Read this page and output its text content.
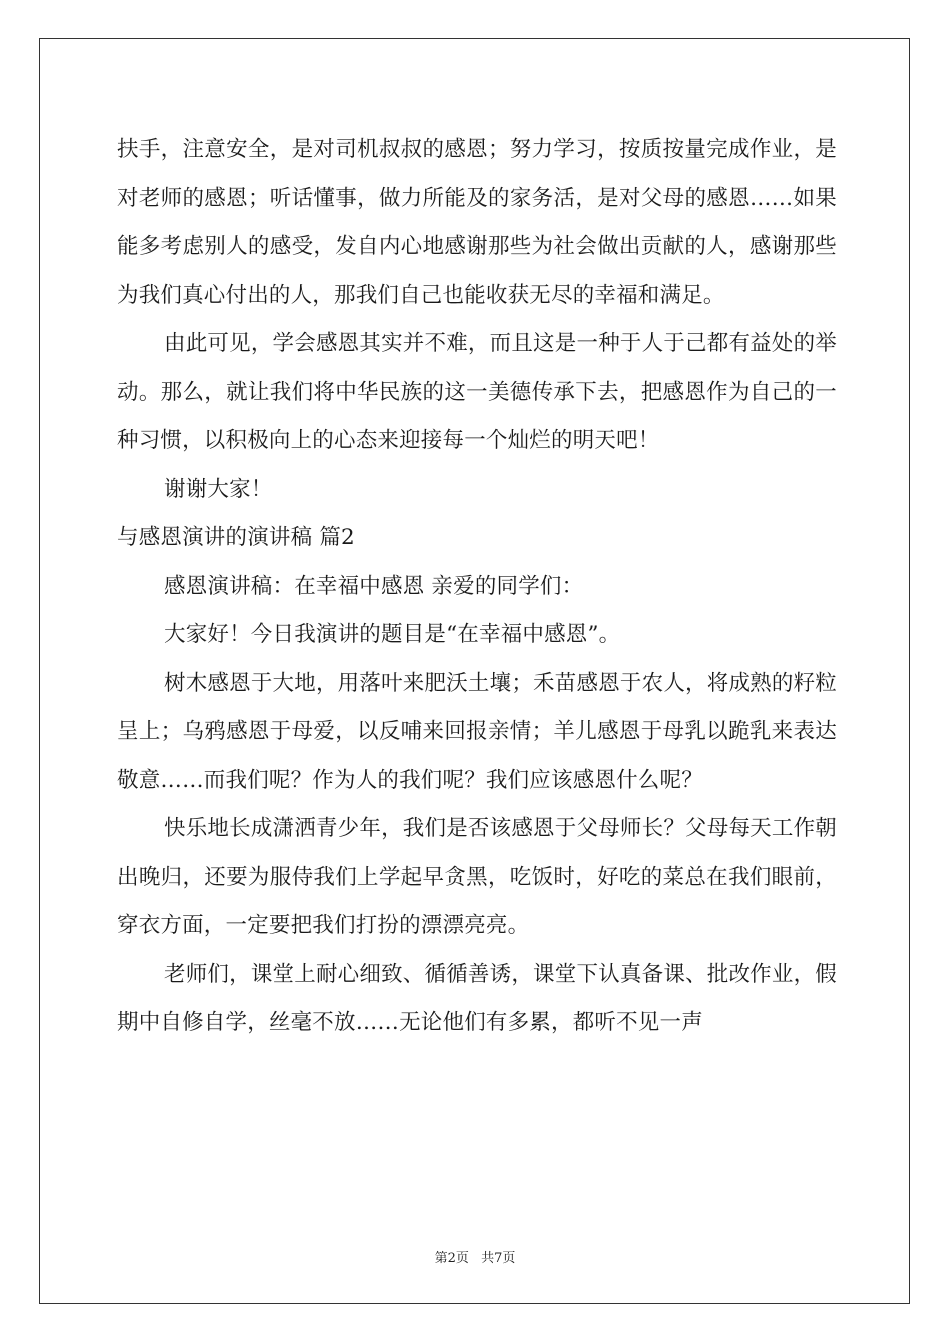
扶手，注意安全，是对司机叔叔的感恩；努力学习，按质按量完成作业，是对老师的感恩；听话懂事，做力所能及的家务活，是对父母的感恩……如果能多考虑别人的感受，发自内心地感谢那些为社会做出贡献的人，感谢那些为我们真心付出的人，那我们自己也能收获无尽的幸福和满足。

由此可见，学会感恩其实并不难，而且这是一种于人于己都有益处的举动。那么，就让我们将中华民族的这一美德传承下去，把感恩作为自己的一种习惯，以积极向上的心态来迎接每一个灿烂的明天吧！

谢谢大家！

与感恩演讲的演讲稿 篇2

感恩演讲稿：在幸福中感恩 亲爱的同学们：

大家好！今日我演讲的题目是“在幸福中感恩”。

树木感恩于大地，用落叶来肥沃土壤；禾苗感恩于农人，将成熟的籽粒呈上；乌鸦感恩于母爱，以反哺来回报亲情；羊儿感恩于母乳以跪乳来表达敬意……而我们呢？作为人的我们呢？我们应该感恩什么呢？

快乐地长成潇洒青少年，我们是否该感恩于父母师长？父母每天工作朝出晚归，还要为服侍我们上学起早贪黑，吃饭时，好吃的菜总在我们眼前，穿衣方面，一定要把我们打扮的漂漂亮亮。

老师们，课堂上耐心细致、循循善诱，课堂下认真备课、批改作业，假期中自修自学，丝毫不放……无论他们有多累，都听不见一声

第2页 共7页
